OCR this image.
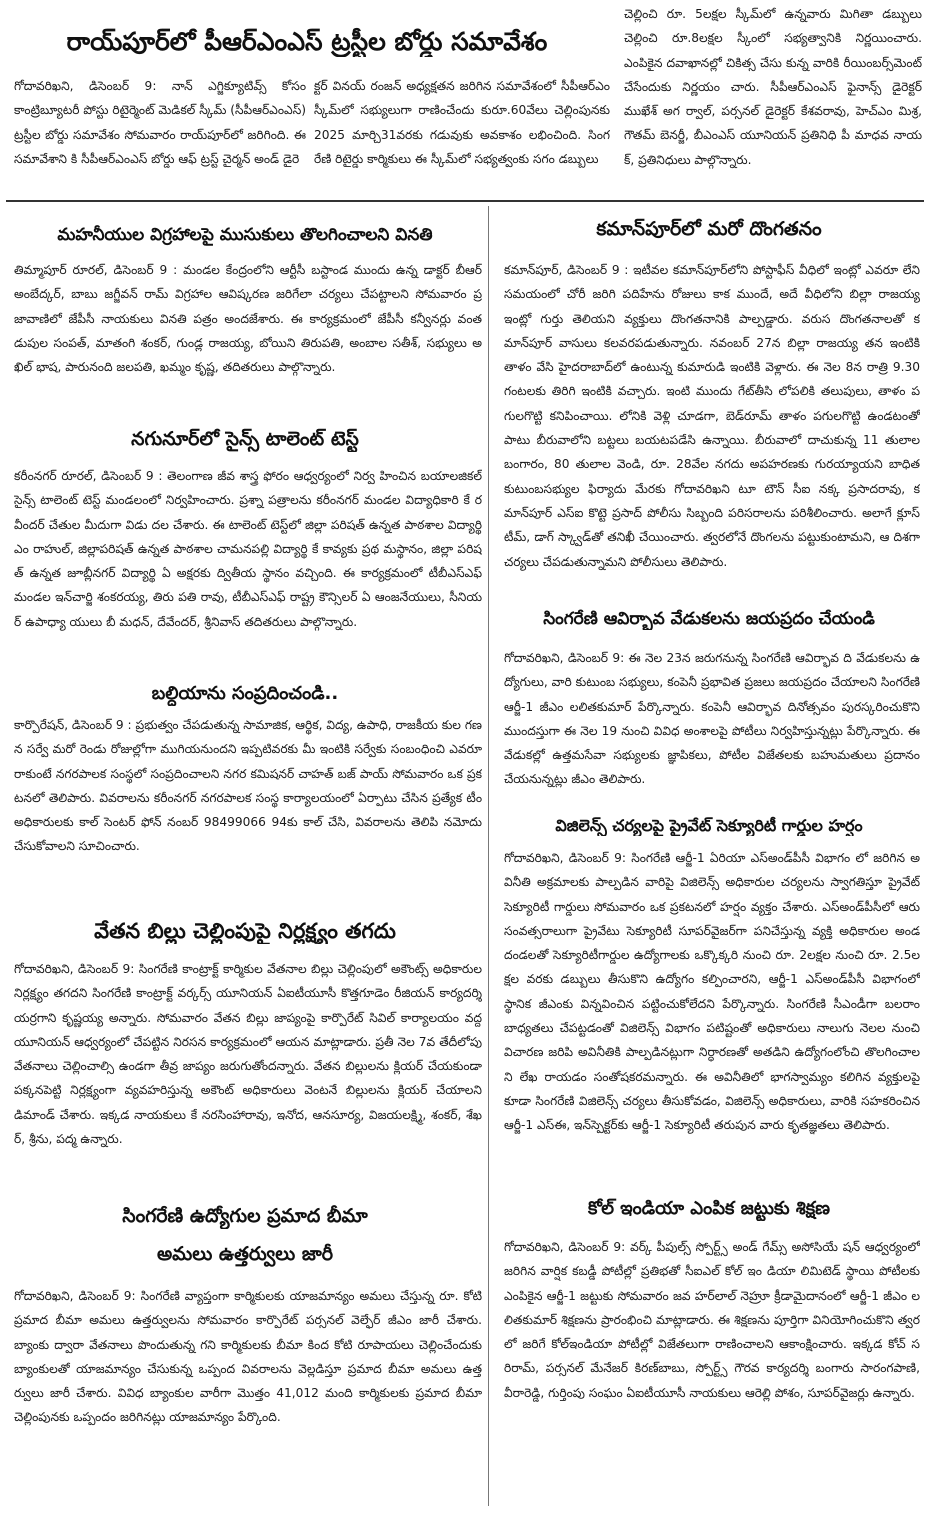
రాయ్‌పూర్‌లో పీఆర్‌ఎంఎస్ ట్రస్టీల బోర్డు సమావేశం
గోదావరిఖని, డిసెంబర్ 9: నాన్ ఎగ్జిక్యూటివ్స్ కోసం కాంట్రిబ్యూటరీ పోస్టు రిటైర్మెంట్ మెడికల్ స్కీమ్ (సీపీఆర్‌ఎంఎస్) ట్రస్టీల బోర్డు సమావేశం సోమవారం రాయ్‌పూర్‌లో జరిగింది. ఈ సమావేశాని కి సీపీఆర్‌ఎంఎస్ బోర్డు ఆఫ్ ట్రస్ట్ చైర్మన్ అండ్ డైరె
క్టర్ వినయ్ రంజన్ అధ్యక్షతన జరిగిన సమావేశంలో సీపీఆర్‌ఎం స్కీమ్‌లో సభ్యులుగా రాణించేందు కురూ.60వేలు చెల్లింపునకు 2025 మార్చి31వరకు గడువుకు అవకాశం లభించింది. సింగరేణి రిటైర్డు కార్మికులు ఈ స్కీమ్‌లో సభ్యత్వంకు సగం డబ్బులు
చెల్లించి రూ. 5లక్షల స్కీమ్‌లో ఉన్నవారు మిగితా డబ్బులు చెల్లించి రూ.8లక్షల స్కీంలో సభ్యత్వానికి నిర్ణయించారు. ఎంపికైన దవాఖానల్లో చికిత్స చేసు కున్న వారికి రీయింబర్స్‌మెంట్ చేసేందుకు నిర్ణయం చారు. సీపీఆర్‌ఎంఎస్ ఫైనాన్స్ డైరెక్టర్ ముఖేశ్ అగ ర్వాల్, పర్సనల్ డైరెక్టర్ కేశవరావు, హెచ్‌ఎం మిశ్ర, గౌతమ్ బెనర్జీ, బీఎంఎస్ యూనియన్ ప్రతినిధి పీ మాధవ నాయక్, ప్రతినిధులు పాల్గొన్నారు.
మహనీయుల విగ్రహాలపై ముసుకులు తొలగించాలని వినతి
తిమ్మాపూర్ రూరల్, డిసెంబర్ 9 : మండల కేంద్రంలోని ఆర్టీసీ బస్టాండ ముందు ఉన్న డాక్టర్ బీఆర్ అంబేద్కర్, బాబు జగ్జీవన్ రామ్ విగ్రహాల ఆవిష్కరణ జరిగేలా చర్యలు చేపట్టాలని సోమవారం ప్రజావాణిలో జేపీసీ నాయకులు వినతి పత్రం అందజేశారు. ఈ కార్యక్రమంలో జేపీసీ కన్వీనర్లు వంతడుపుల సంపత్, మాతంగి శంకర్, గుండ్ల రాజయ్య, బోయిని తిరుపతి, అంబాల సతీశ్, సభ్యులు అఖిల్ భాష, పారునంది జలపతి, ఖమ్మం కృష్ణ, తదితరులు పాల్గొన్నారు.
నగునూర్‌లో సైన్స్ టాలెంట్ టెస్ట్
కరీంనగర్ రూరల్, డిసెంబర్ 9 : తెలంగాణ జీవ శాస్త్ర ఫోరం ఆధ్వర్యంలో నిర్వ హించిన బయాలజికల్ సైన్స్ టాలెంట్ టెస్ట్ మండలంలో నిర్వహించారు. ప్రశ్నా పత్రాలను కరీంనగర్ మండల విద్యాధికారి కే రవీందర్ చేతుల మీదుగా విడు దల చేశారు. ఈ టాలెంట్ టెస్ట్‌లో జిల్లా పరిషత్ ఉన్నత పాఠశాల విద్యార్థి ఎం రాహుల్, జిల్లాపరిషత్ ఉన్నత పాఠశాల చామనపల్లి విద్యార్థి కే కావ్యకు ప్రథ మస్థానం, జిల్లా పరిషత్ ఉన్నత జూబ్లీనగర్ విద్యార్థి ఏ అక్షరకు ద్వితీయ స్థానం వచ్చింది. ఈ కార్యక్రమంలో టీబీఎస్‌ఎఫ్ మండల ఇన్‌చార్జి శంకరయ్య, తిరు పతి రావు, టీబీఎస్‌ఎఫ్ రాష్ట్ర కౌన్సిలర్ ఏ ఆంజనేయులు, సీనియర్ ఉపాధ్యా యులు బీ మధన్, దేవేందర్, శ్రీనివాస్ తదితరులు పాల్గొన్నారు.
బల్దియాను సంప్రదించండి..
కార్పొరేషన్, డిసెంబర్ 9 : ప్రభుత్వం చేపడుతున్న సామాజిక, ఆర్థిక, విద్య, ఉపాధి, రాజకీయ కుల గణన సర్వే మరో రెండు రోజుల్లోగా ముగియనుందని ఇప్పటివరకు మీ ఇంటికి సర్వేకు సంబంధించి ఎవరూ రాకుంటే నగరపాలక సంస్థలో సంప్రదించాలని నగర కమిషనర్ చాహత్ బజ్ పాయ్ సోమవారం ఒక ప్రకటనలో తెలిపారు. వివరాలను కరీంనగర్ నగరపాలక సంస్థ కార్యాలయంలో ఏర్పాటు చేసిన ప్రత్యేక టీం అధికారులకు కాల్ సెంటర్ ఫోన్ నంబర్ 98499066 94కు కాల్ చేసి, వివరాలను తెలిపి నమోదు చేసుకోవాలని సూచించారు.
వేతన బిల్లు చెల్లింపుపై నిర్లక్ష్యం తగదు
గోదావరిఖని, డిసెంబర్ 9: సింగరేణి కాంట్రాక్ట్ కార్మికుల వేతనాల బిల్లు చెల్లింపులో అకౌంట్స్ అధికారుల నిర్లక్ష్యం తగదని సింగరేణి కాంట్రాక్ట్ వర్కర్స్ యూనియన్ ఏఐటీయూసీ కొత్తగూడెం రీజియన్ కార్యదర్శి యర్రగాని కృష్ణయ్య అన్నారు. సోమవారం వేతన బిల్లు జాప్యంపై కార్పొరేట్ సివిల్ కార్యాలయం వద్ద యూనియన్ ఆధ్వర్యంలో చేపట్టిన నిరసన కార్యక్రమంలో ఆయన మాట్లాడారు. ప్రతీ నెల 7వ తేదీలోపు వేతనాలు చెల్లించాల్సి ఉండగా తీవ్ర జాప్యం జరుగుతోందన్నారు. వేతన బిల్లులను క్లియర్ చేయకుండా పక్కనపెట్టి నిర్లక్ష్యంగా వ్యవహరిస్తున్న అకౌంట్ అధికారులు వెంటనే బిల్లులను క్లియర్ చేయాలని డిమాండ్ చేశారు. ఇక్కడ నాయకులు కే నరసింహారావు, ఇనోద, ఆనసూర్య, విజయలక్ష్మి, శంకర్, శేఖర్, శ్రీను, పద్మ ఉన్నారు.
సింగరేణి ఉద్యోగుల ప్రమాద బీమా
అమలు ఉత్తర్వులు జారీ
గోదావరిఖని, డిసెంబర్ 9: సింగరేణి వ్యాప్తంగా కార్మికులకు యాజమాన్యం అమలు చేస్తున్న రూ. కోటి ప్రమాద బీమా అమలు ఉత్తర్వులను సోమవారం కార్పొరేట్ పర్సనల్ వెల్ఫేర్ జీఎం జారీ చేశారు. బ్యాంకు ద్వారా వేతనాలు పొందుతున్న గని కార్మికులకు బీమా కింద కోటి రూపాయలు చెల్లించేందుకు బ్యాంకులతో యాజమాన్యం చేసుకున్న ఒప్పంద వివరాలను వెల్లడిస్తూ ప్రమాద బీమా అమలు ఉత్తర్వులు జారీ చేశారు. వివిధ బ్యాంకుల వారీగా మొత్తం 41,012 మంది కార్మికులకు ప్రమాద బీమా చెల్లింపునకు ఒప్పందం జరిగినట్లు యాజమాన్యం పేర్కొంది.
కమాన్‌పూర్‌లో మరో దొంగతనం
కమాన్‌పూర్, డిసెంబర్ 9 : ఇటీవల కమాన్‌పూర్‌లోని పోస్టాఫీస్ వీధిలో ఇంట్లో ఎవరూ లేని సమయంలో చోరీ జరిగి పదిహేను రోజులు కాక ముందే, అదే వీధిలోని బిల్లా రాజయ్య ఇంట్లో గుర్తు తెలియని వ్యక్తులు దొంగతనానికి పాల్పడ్డారు. వరుస దొంగతనాలతో కమాన్‌పూర్ వాసులు కలవరపడుతున్నారు. నవంబర్ 27న బిల్లా రాజయ్య తన ఇంటికి తాళం వేసి హైదరాబాద్‌లో ఉంటున్న కుమారుడి ఇంటికి వెళ్లారు. ఈ నెల 8న రాత్రి 9.30 గంటలకు తిరిగి ఇంటికి వచ్చారు. ఇంటి ముందు గేట్‌తీసి లోపలికి తలుపులు, తాళం పగులగొట్టి కనిపించాయి. లోనికి వెళ్లి చూడగా, బెడ్‌రూమ్ తాళం పగులగొట్టి ఉండటంతో పాటు బీరువాలోని బట్టలు బయటపడేసి ఉన్నాయి. బీరువాలో దాచుకున్న 11 తులాల బంగారం, 80 తులాల వెండి, రూ. 28వేల నగదు అపహరణకు గురయ్యాయని బాధిత కుటుంబసభ్యుల ఫిర్యాదు మేరకు గోదావరిఖని టూ టౌన్ సీఐ నక్క ప్రసాదరావు, కమాన్‌పూర్ ఎస్‌ఐ కొట్టె ప్రసాద్ పోలీసు సిబ్బంది పరిసరాలను పరిశీలించారు. అలాగే క్లూస్ టీమ్, డాగ్ స్క్వాడ్‌తో తనిఖీ చేయించారు. త్వరలోనే దొంగలను పట్టుకుంటామని, ఆ దిశగా చర్యలు చేపడుతున్నామని పోలీసులు తెలిపారు.
సింగరేణి ఆవిర్భావ వేడుకలను జయప్రదం చేయండి
గోదావరిఖని, డిసెంబర్ 9: ఈ నెల 23న జరుగనున్న సింగరేణి ఆవిర్భావ ది వేడుకలను ఉద్యోగులు, వారి కుటుంబ సభ్యులు, కంపెనీ ప్రభావిత ప్రజలు జయప్రదం చేయాలని సింగరేణి ఆర్జీ-1 జీఎం లలితకుమార్ పేర్కొన్నారు. కంపెనీ ఆవిర్భావ దినోత్సవం పురస్కరించుకొని ముందస్తుగా ఈ నెల 19 నుంచి వివిధ అంశాలపై పోటీలు నిర్వహిస్తున్నట్లు పేర్కొన్నారు. ఈ వేడుకల్లో ఉత్తమసేవా సభ్యులకు జ్ఞాపికలు, పోటీల విజేతలకు బహుమతులు ప్రదానం చేయనున్నట్లు జీఎం తెలిపారు.
విజిలెన్స్ చర్యలపై ప్రైవేట్ సెక్యూరిటీ గార్డుల హర్షం
గోదావరిఖని, డిసెంబర్ 9: సింగరేణి ఆర్జీ-1 ఏరియా ఎస్అండ్‌పీసీ విభాగం లో జరిగిన అవినీతి అక్రమాలకు పాల్పడిన వారిపై విజిలెన్స్ అధికారుల చర్యలను స్వాగతిస్తూ ప్రైవేట్ సెక్యూరిటీ గార్డులు సోమవారం ఒక ప్రకటనలో హర్షం వ్యక్తం చేశారు. ఎస్అండ్‌పీసీలో ఆరు సంవత్సరాలుగా ప్రైవేటు సెక్యూరిటీ సూపర్‌వైజర్‌గా పనిచేస్తున్న వ్యక్తి అధికారుల అండదండలతో సెక్యూరిటీగార్డుల ఉద్యోగాలకు ఒక్కొక్కరి నుంచి రూ. 2లక్షల నుంచి రూ. 2.5లక్షల వరకు డబ్బులు తీసుకొని ఉద్యోగం కల్పించారని, ఆర్జీ-1 ఎస్అండ్‌పీసీ విభాగంలో స్థానిక జీఎంకు విన్నవించిన పట్టించుకోలేదని పేర్కొన్నారు. సింగరేణి సీఎండీగా బలరాం బాధ్యతలు చేపట్టడంతో విజిలెన్స్ విభాగం పటిష్టంతో అధికారులు నాలుగు నెలల నుంచి విచారణ జరిపి అవినీతికి పాల్పడినట్లుగా నిర్ధారణతో అతడిని ఉద్యోగంలోంచి తొలగించాలని లేఖ రాయడం సంతోషకరమన్నారు. ఈ అవినీతిలో భాగస్వామ్యం కలిగిన వ్యక్తులపై కూడా సింగరేణి విజిలెన్స్ చర్యలు తీసుకోవడం, విజిలెన్స్ అధికారులు, వారికి సహకరించిన ఆర్జీ-1 ఎస్ఈ, ఇన్‌స్పెక్టర్‌కు ఆర్జీ-1 సెక్యూరిటీ తరుపున వారు కృతజ్ఞతలు తెలిపారు.
కోల్ ఇండియా ఎంపిక జట్టుకు శిక్షణ
గోదావరిఖని, డిసెంబర్ 9: వర్క్ పీపుల్స్ స్పోర్ట్స్ అండ్ గేమ్స్ అసోసియే షన్ ఆధ్వర్యంలో జరిగిన వార్షిక కబడ్డీ పోటీల్లో ప్రతిభతో సీఐఎల్ కోల్ ఇం డియా లిమిటెడ్ స్థాయి పోటీలకు ఎంపికైన ఆర్జీ-1 జట్టుకు సోమవారం జవ హర్‌లాల్ నెహ్రూ క్రీడామైదానంలో ఆర్జీ-1 జీఎం లలితకుమార్ శిక్షణను ప్రారంభించి మాట్లాడారు. ఈ శిక్షణను పూర్తిగా వినియోగించుకొని త్వరలో జరిగే కోల్‌ఇండియా పోటీల్లో విజేతలుగా రాణించాలని ఆకాంక్షించారు. ఇక్కడ కోచ్ సరిరామ్, పర్సనల్ మేనేజర్ కిరణ్‌బాబు, స్పోర్ట్స్ గౌరవ కార్యదర్శి బంగారు సారంగపాణి, వీరారెడ్డి, గుర్తింపు సంఘం ఏఐటీయూసీ నాయకులు ఆరెల్లి పోశం, సూపర్‌వైజర్లు ఉన్నారు.
